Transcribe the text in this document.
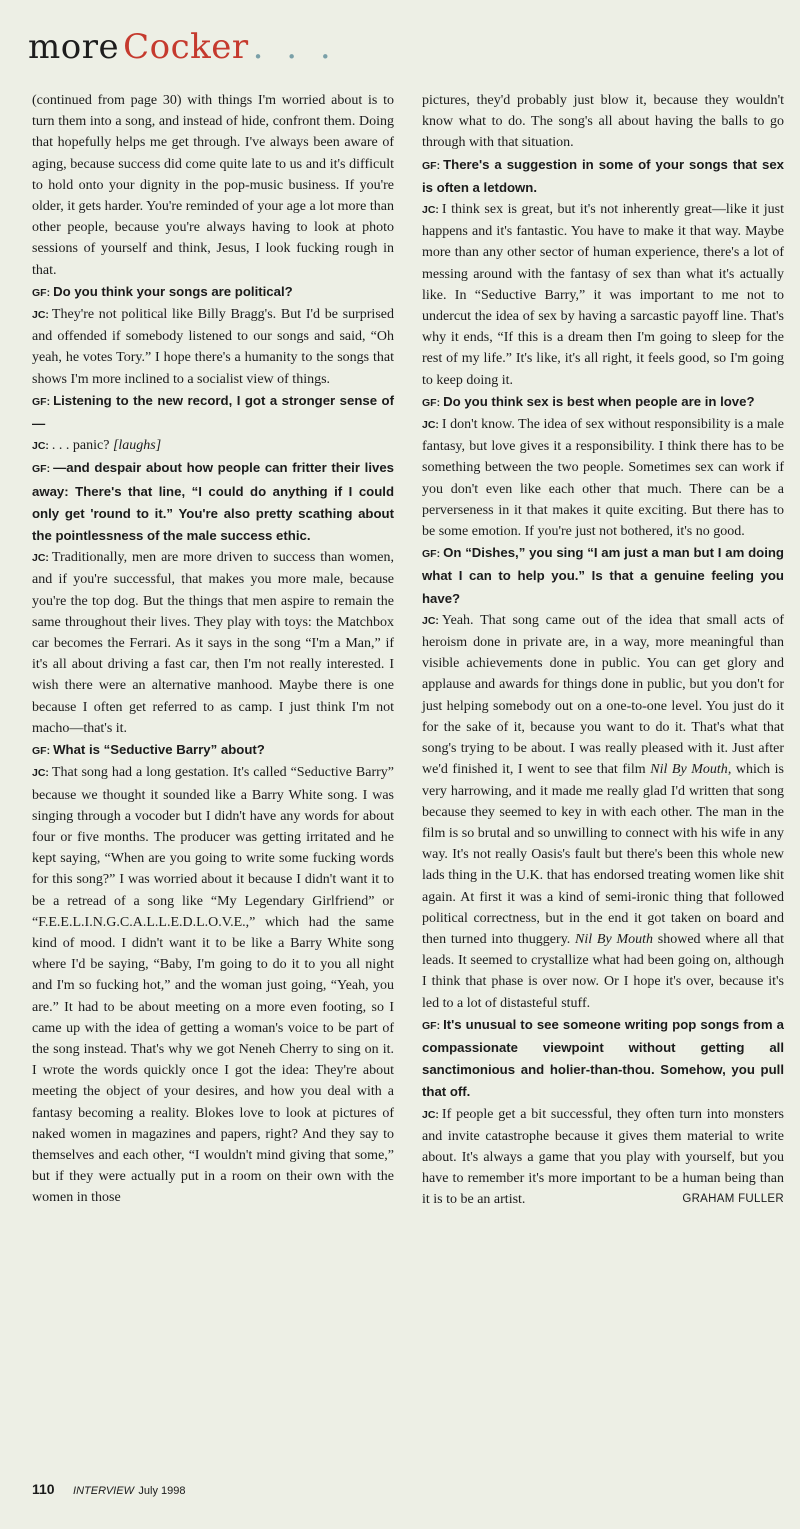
more Cocker . . .

(continued from page 30) with things I'm worried about is to turn them into a song, and instead of hide, confront them. Doing that hopefully helps me get through. I've always been aware of aging, because success did come quite late to us and it's difficult to hold onto your dignity in the pop-music business. If you're older, it gets harder. You're reminded of your age a lot more than other people, because you're always having to look at photo sessions of yourself and think, Jesus, I look fucking rough in that.

GF: Do you think your songs are political?

JC: They're not political like Billy Bragg's. But I'd be surprised and offended if somebody listened to our songs and said, “Oh yeah, he votes Tory.” I hope there's a humanity to the songs that shows I'm more inclined to a socialist view of things.

GF: Listening to the new record, I got a stronger sense of—

JC: . . . panic? [laughs]

GF: —and despair about how people can fritter their lives away: There's that line, “I could do anything if I could only get 'round to it.” You're also pretty scathing about the pointlessness of the male success ethic.

JC: Traditionally, men are more driven to success than women, and if you're successful, that makes you more male, because you're the top dog. But the things that men aspire to remain the same throughout their lives. They play with toys: the Matchbox car becomes the Ferrari. As it says in the song “I'm a Man,” if it's all about driving a fast car, then I'm not really interested. I wish there were an alternative manhood. Maybe there is one because I often get referred to as camp. I just think I'm not macho—that's it.

GF: What is “Seductive Barry” about?

JC: That song had a long gestation. It's called “Seductive Barry” because we thought it sounded like a Barry White song. I was singing through a vocoder but I didn't have any words for about four or five months. The producer was getting irritated and he kept saying, “When are you going to write some fucking words for this song?” I was worried about it because I didn't want it to be a retread of a song like “My Legendary Girlfriend” or “F.E.E.L.I.N.G.C.A.L.L.E.D.L.O.V.E.,” which had the same kind of mood. I didn't want it to be like a Barry White song where I'd be saying, “Baby, I'm going to do it to you all night and I'm so fucking hot,” and the woman just going, “Yeah, you are.” It had to be about meeting on a more even footing, so I came up with the idea of getting a woman's voice to be part of the song instead. That's why we got Neneh Cherry to sing on it. I wrote the words quickly once I got the idea: They're about meeting the object of your desires, and how you deal with a fantasy becoming a reality. Blokes love to look at pictures of naked women in magazines and papers, right? And they say to themselves and each other, “I wouldn't mind giving that some,” but if they were actually put in a room on their own with the women in those

pictures, they'd probably just blow it, because they wouldn't know what to do. The song's all about having the balls to go through with that situation.

GF: There's a suggestion in some of your songs that sex is often a letdown.

JC: I think sex is great, but it's not inherently great—like it just happens and it's fantastic. You have to make it that way. Maybe more than any other sector of human experience, there's a lot of messing around with the fantasy of sex than what it's actually like. In “Seductive Barry,” it was important to me not to undercut the idea of sex by having a sarcastic payoff line. That's why it ends, “If this is a dream then I'm going to sleep for the rest of my life.” It's like, it's all right, it feels good, so I'm going to keep doing it.

GF: Do you think sex is best when people are in love?

JC: I don't know. The idea of sex without responsibility is a male fantasy, but love gives it a responsibility. I think there has to be something between the two people. Sometimes sex can work if you don't even like each other that much. There can be a perverseness in it that makes it quite exciting. But there has to be some emotion. If you're just not bothered, it's no good.

GF: On “Dishes,” you sing “I am just a man but I am doing what I can to help you.” Is that a genuine feeling you have?

JC: Yeah. That song came out of the idea that small acts of heroism done in private are, in a way, more meaningful than visible achievements done in public. You can get glory and applause and awards for things done in public, but you don't for just helping somebody out on a one-to-one level. You just do it for the sake of it, because you want to do it. That's what that song's trying to be about. I was really pleased with it. Just after we'd finished it, I went to see that film Nil By Mouth, which is very harrowing, and it made me really glad I'd written that song because they seemed to key in with each other. The man in the film is so brutal and so unwilling to connect with his wife in any way. It's not really Oasis's fault but there's been this whole new lads thing in the U.K. that has endorsed treating women like shit again. At first it was a kind of semi-ironic thing that followed political correctness, but in the end it got taken on board and then turned into thuggery. Nil By Mouth showed where all that leads. It seemed to crystallize what had been going on, although I think that phase is over now. Or I hope it's over, because it's led to a lot of distasteful stuff.

GF: It's unusual to see someone writing pop songs from a compassionate viewpoint without getting all sanctimonious and holier-than-thou. Somehow, you pull that off.

JC: If people get a bit successful, they often turn into monsters and invite catastrophe because it gives them material to write about. It's always a game that you play with yourself, but you have to remember it's more important to be a human being than it is to be an artist.	GRAHAM FULLER

110 INTERVIEW July 1998
